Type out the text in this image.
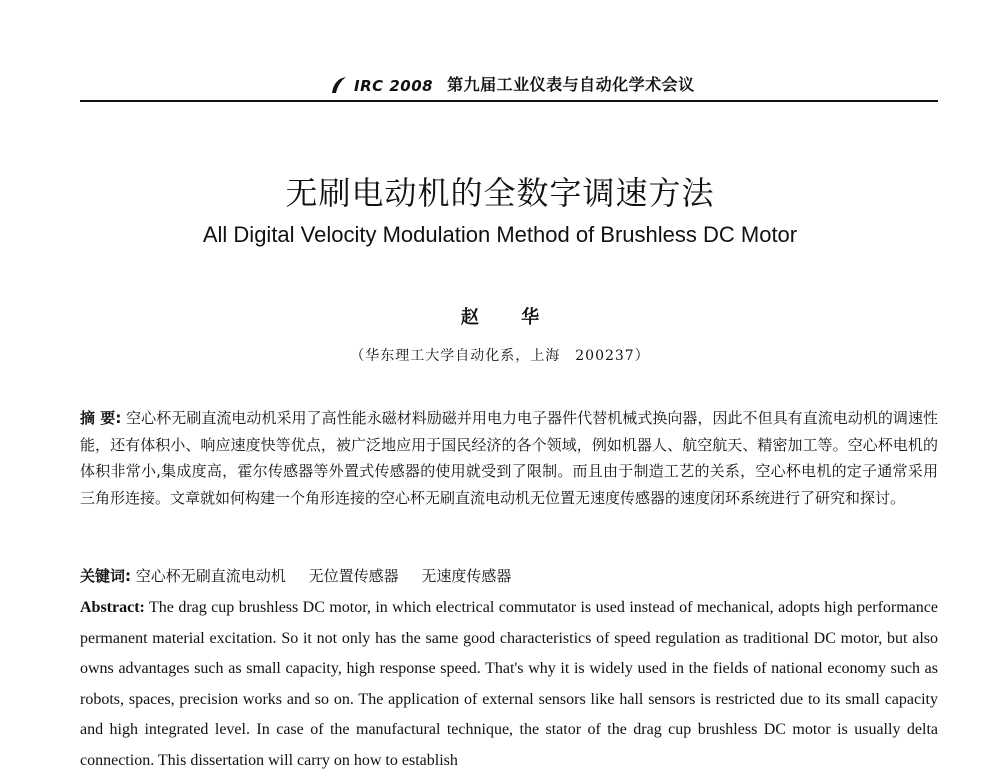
IRC 2008 第九届工业仪表与自动化学术会议
无刷电动机的全数字调速方法
All Digital Velocity Modulation Method of Brushless DC Motor
赵 华
（华东理工大学自动化系，上海　200237）
摘 要: 空心杯无刷直流电动机采用了高性能永磁材料励磁并用电力电子器件代替机械式换向器，因此不但具有直流电动机的调速性能，还有体积小、响应速度快等优点，被广泛地应用于国民经济的各个领域，例如机器人、航空航天、精密加工等。空心杯电机的体积非常小,集成度高，霍尔传感器等外置式传感器的使用就受到了限制。而且由于制造工艺的关系，空心杯电机的定子通常采用三角形连接。文章就如何构建一个角形连接的空心杯无刷直流电动机无位置无速度传感器的速度闭环系统进行了研究和探讨。
关键词: 空心杯无刷直流电动机 无位置传感器 无速度传感器
Abstract: The drag cup brushless DC motor, in which electrical commutator is used instead of mechanical, adopts high performance permanent material excitation. So it not only has the same good characteristics of speed regulation as traditional DC motor, but also owns advantages such as small capacity, high response speed. That's why it is widely used in the fields of national economy such as robots, spaces, precision works and so on. The application of external sensors like hall sensors is restricted due to its small capacity and high integrated level. In case of the manufactural technique, the stator of the drag cup brushless DC motor is usually delta connection. This dissertation will carry on how to establish
